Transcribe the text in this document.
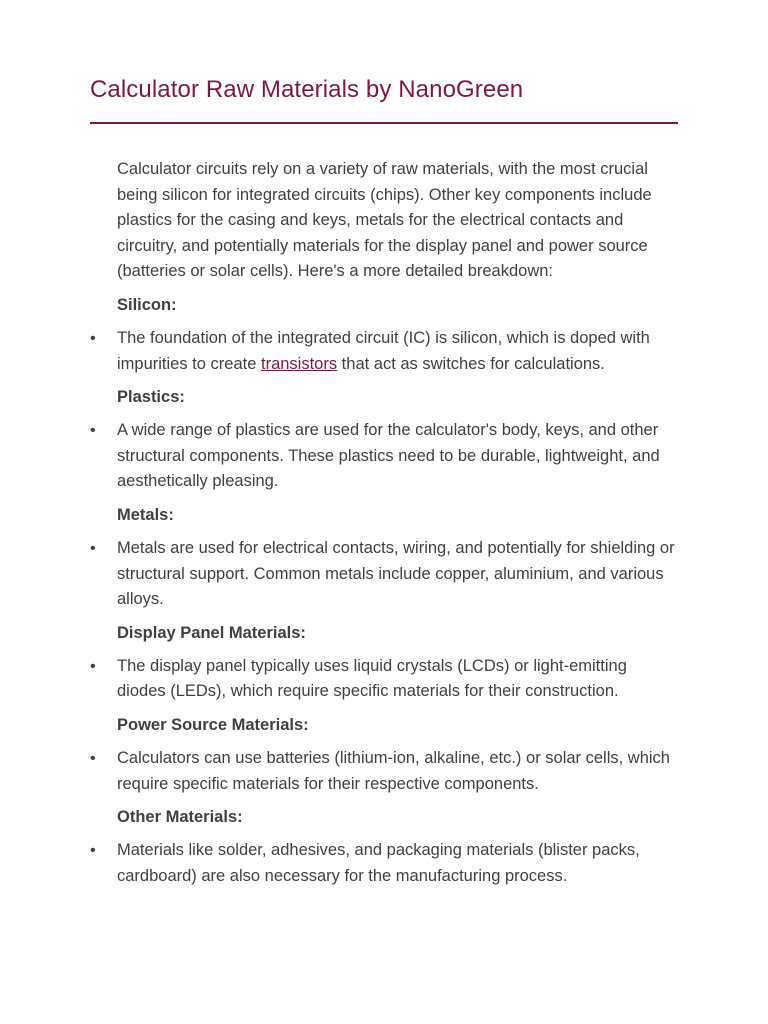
Calculator Raw Materials by NanoGreen

Calculator circuits rely on a variety of raw materials, with the most crucial being silicon for integrated circuits (chips). Other key components include plastics for the casing and keys, metals for the electrical contacts and circuitry, and potentially materials for the display panel and power source (batteries or solar cells). Here's a more detailed breakdown:

Silicon:
• The foundation of the integrated circuit (IC) is silicon, which is doped with impurities to create transistors that act as switches for calculations.

Plastics:
• A wide range of plastics are used for the calculator's body, keys, and other structural components. These plastics need to be durable, lightweight, and aesthetically pleasing.

Metals:
• Metals are used for electrical contacts, wiring, and potentially for shielding or structural support. Common metals include copper, aluminium, and various alloys.

Display Panel Materials:
• The display panel typically uses liquid crystals (LCDs) or light-emitting diodes (LEDs), which require specific materials for their construction.

Power Source Materials:
• Calculators can use batteries (lithium-ion, alkaline, etc.) or solar cells, which require specific materials for their respective components.

Other Materials:
• Materials like solder, adhesives, and packaging materials (blister packs, cardboard) are also necessary for the manufacturing process.
